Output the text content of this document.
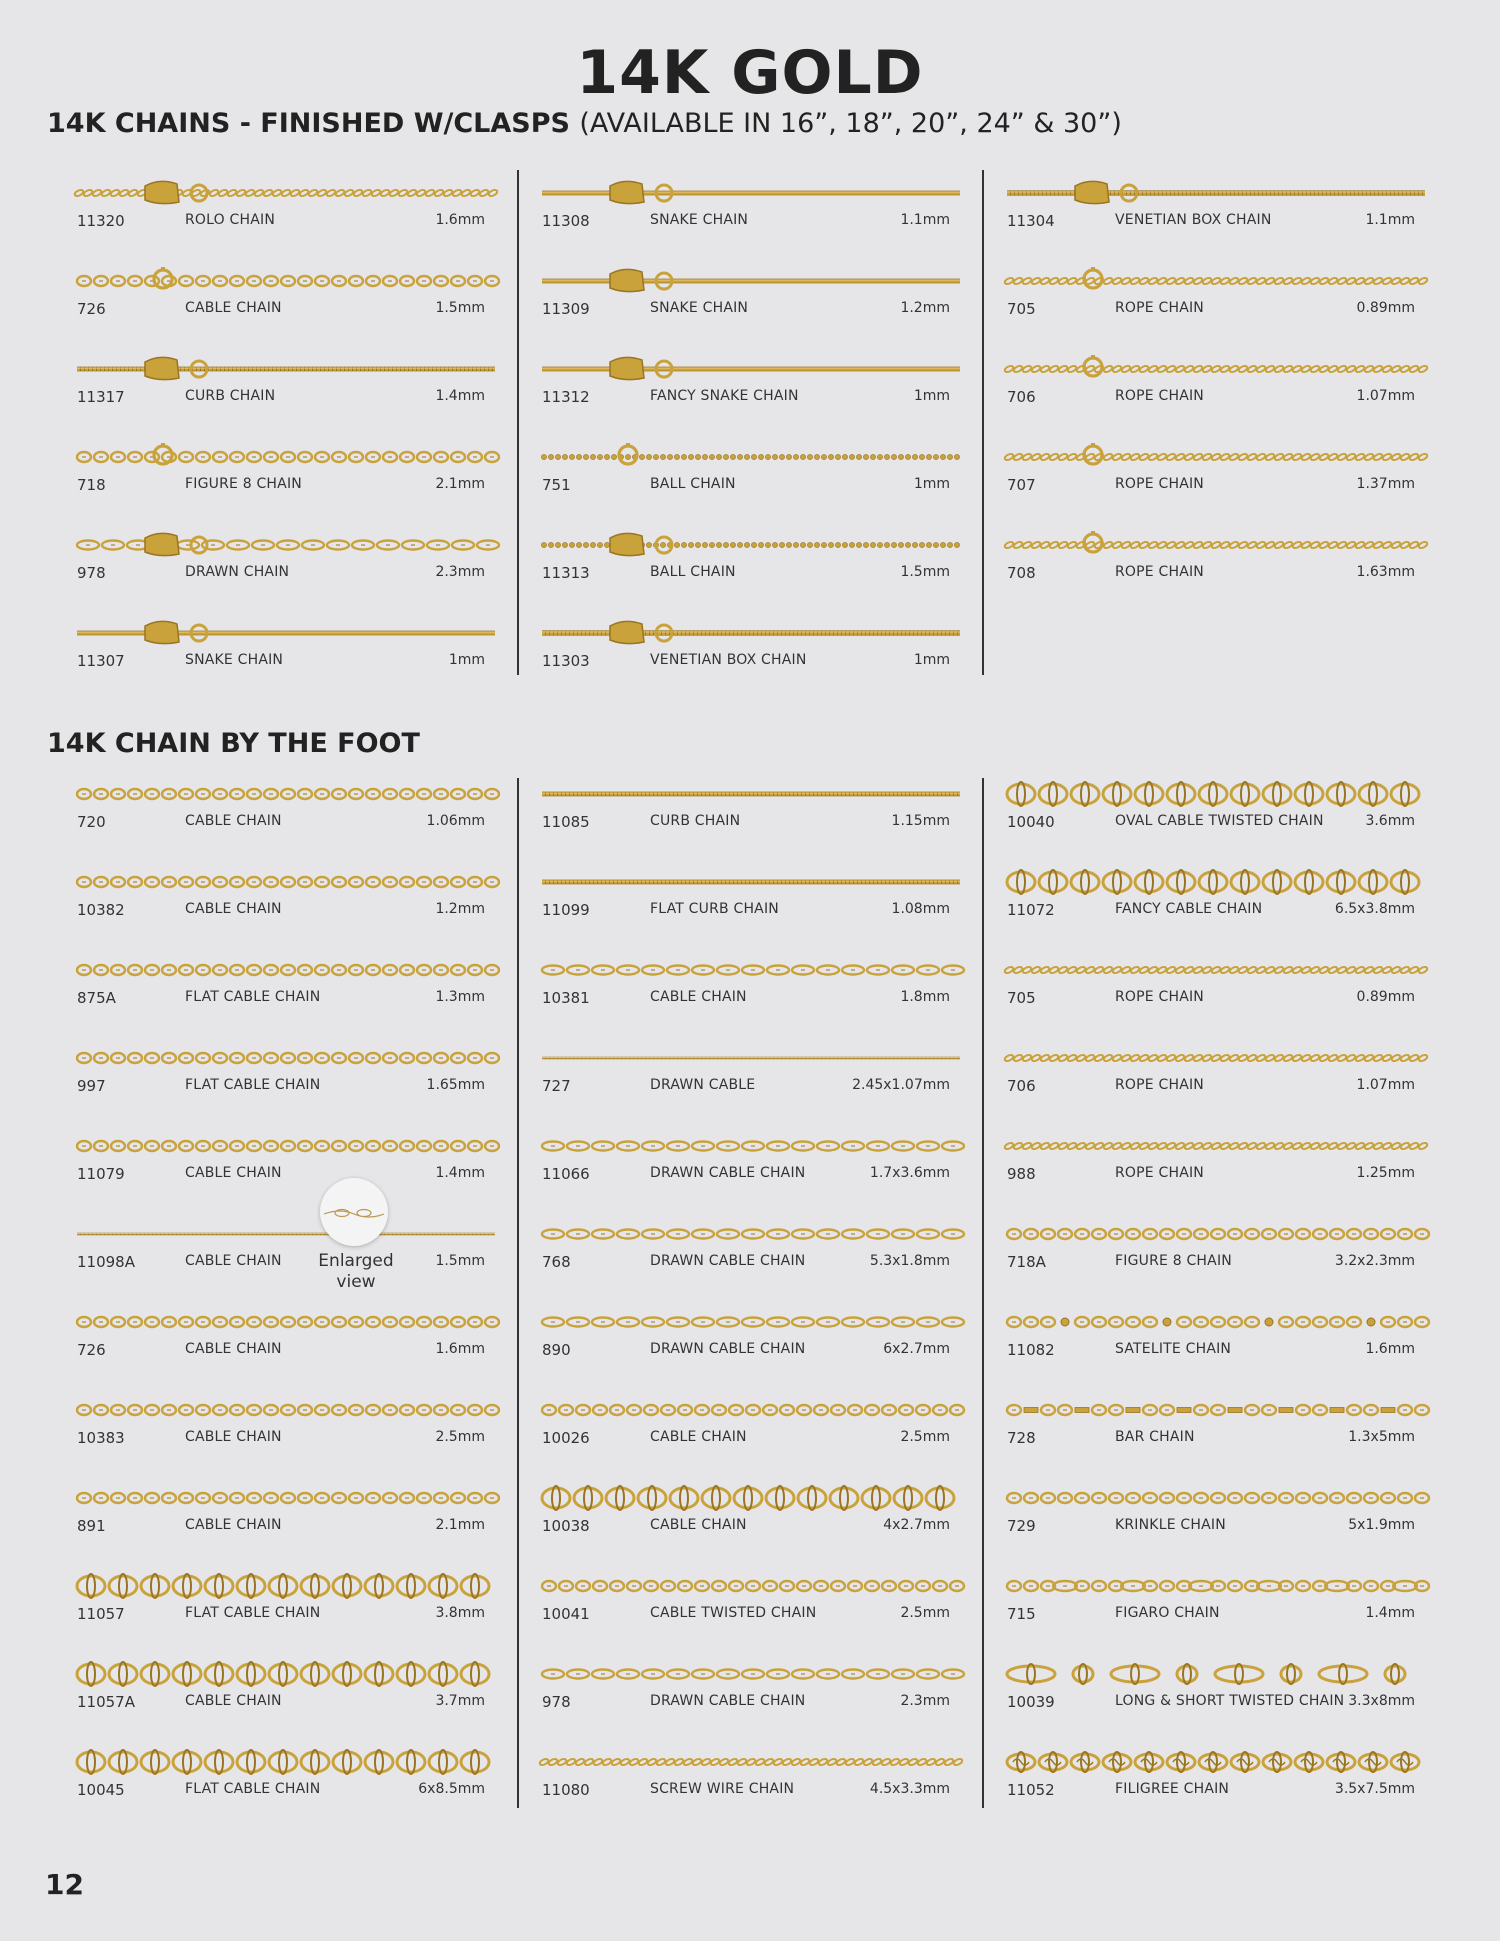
14K GOLD
14K CHAINS - FINISHED W/CLASPS (AVAILABLE IN 16”, 18”, 20”, 24” & 30”)
14K CHAIN BY THE FOOT
11320	ROLO CHAIN	1.6mm
726	CABLE CHAIN	1.5mm
11317	CURB CHAIN	1.4mm
718	FIGURE 8 CHAIN	2.1mm
978	DRAWN CHAIN	2.3mm
11307	SNAKE CHAIN	1mm
11308	SNAKE CHAIN	1.1mm
11309	SNAKE CHAIN	1.2mm
11312	FANCY SNAKE CHAIN	1mm
751	BALL CHAIN	1mm
11313	BALL CHAIN	1.5mm
11303	VENETIAN BOX CHAIN	1mm
11304	VENETIAN BOX CHAIN	1.1mm
705	ROPE CHAIN	0.89mm
706	ROPE CHAIN	1.07mm
707	ROPE CHAIN	1.37mm
708	ROPE CHAIN	1.63mm
720	CABLE CHAIN	1.06mm
10382	CABLE CHAIN	1.2mm
875A	FLAT CABLE CHAIN	1.3mm
997	FLAT CABLE CHAIN	1.65mm
11079	CABLE CHAIN	1.4mm
11098A	CABLE CHAIN	1.5mm
726	CABLE CHAIN	1.6mm
10383	CABLE CHAIN	2.5mm
891	CABLE CHAIN	2.1mm
11057	FLAT CABLE CHAIN	3.8mm
11057A	CABLE CHAIN	3.7mm
10045	FLAT CABLE CHAIN	6x8.5mm
11085	CURB CHAIN	1.15mm
11099	FLAT CURB CHAIN	1.08mm
10381	CABLE CHAIN	1.8mm
727	DRAWN CABLE	2.45x1.07mm
11066	DRAWN CABLE CHAIN	1.7x3.6mm
768	DRAWN CABLE CHAIN	5.3x1.8mm
890	DRAWN CABLE CHAIN	6x2.7mm
10026	CABLE CHAIN	2.5mm
10038	CABLE CHAIN	4x2.7mm
10041	CABLE TWISTED CHAIN	2.5mm
978	DRAWN CABLE CHAIN	2.3mm
11080	SCREW WIRE CHAIN	4.5x3.3mm
10040	OVAL CABLE TWISTED CHAIN	3.6mm
11072	FANCY CABLE CHAIN	6.5x3.8mm
705	ROPE CHAIN	0.89mm
706	ROPE CHAIN	1.07mm
988	ROPE CHAIN	1.25mm
718A	FIGURE 8 CHAIN	3.2x2.3mm
11082	SATELITE CHAIN	1.6mm
728	BAR CHAIN	1.3x5mm
729	KRINKLE CHAIN	5x1.9mm
715	FIGARO CHAIN	1.4mm
10039	LONG & SHORT TWISTED CHAIN 3.3x8mm
11052	FILIGREE CHAIN	3.5x7.5mm
Enlarged view
12
